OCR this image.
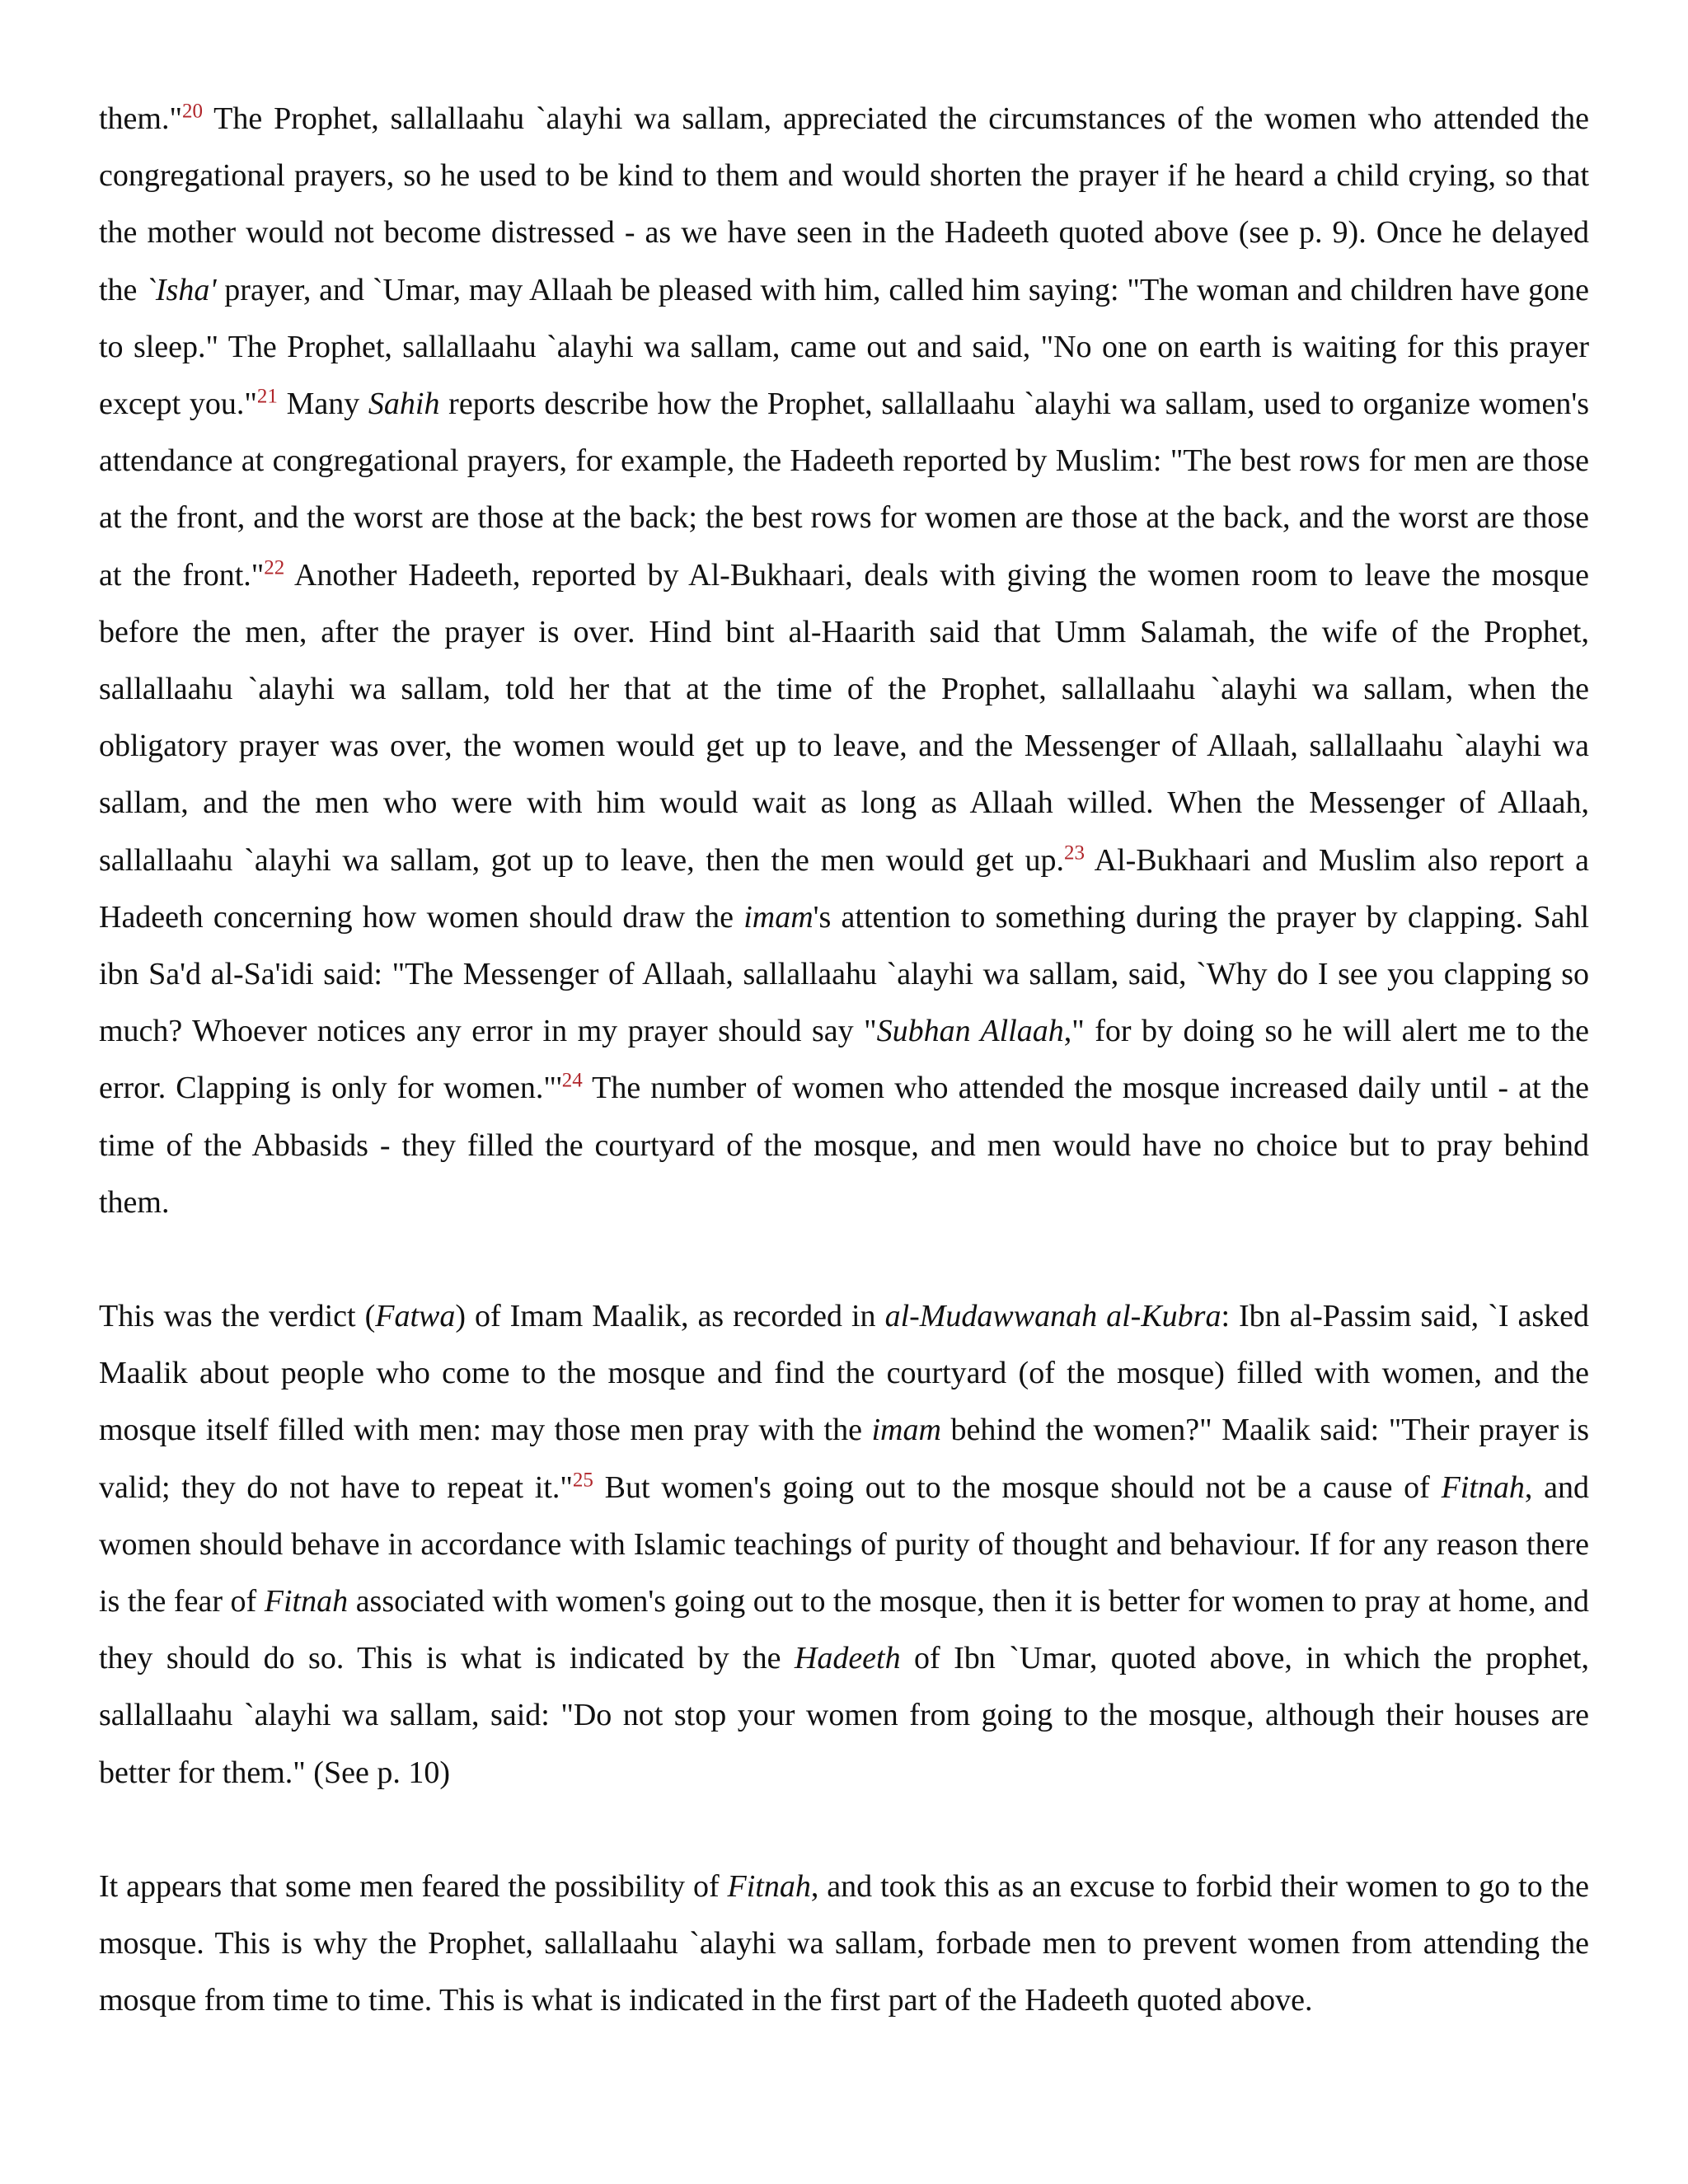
them."$^{20}$ The Prophet, sallallaahu `alayhi wa sallam, appreciated the circumstances of the women who attended the congregational prayers, so he used to be kind to them and would shorten the prayer if he heard a child crying, so that the mother would not become distressed - as we have seen in the Hadeeth quoted above (see p. 9). Once he delayed the `Isha' prayer, and `Umar, may Allaah be pleased with him, called him saying: "The woman and children have gone to sleep." The Prophet, sallallaahu `alayhi wa sallam, came out and said, "No one on earth is waiting for this prayer except you."$^{21}$ Many Sahih reports describe how the Prophet, sallallaahu `alayhi wa sallam, used to organize women's attendance at congregational prayers, for example, the Hadeeth reported by Muslim: "The best rows for men are those at the front, and the worst are those at the back; the best rows for women are those at the back, and the worst are those at the front."$^{22}$ Another Hadeeth, reported by Al-Bukhaari, deals with giving the women room to leave the mosque before the men, after the prayer is over. Hind bint al-Haarith said that Umm Salamah, the wife of the Prophet, sallallaahu `alayhi wa sallam, told her that at the time of the Prophet, sallallaahu `alayhi wa sallam, when the obligatory prayer was over, the women would get up to leave, and the Messenger of Allaah, sallallaahu `alayhi wa sallam, and the men who were with him would wait as long as Allaah willed. When the Messenger of Allaah, sallallaahu `alayhi wa sallam, got up to leave, then the men would get up.$^{23}$ Al-Bukhaari and Muslim also report a Hadeeth concerning how women should draw the imam's attention to something during the prayer by clapping. Sahl ibn Sa'd al-Sa'idi said: "The Messenger of Allaah, sallallaahu `alayhi wa sallam, said, `Why do I see you clapping so much? Whoever notices any error in my prayer should say "Subhan Allaah," for by doing so he will alert me to the error. Clapping is only for women."'$^{24}$ The number of women who attended the mosque increased daily until - at the time of the Abbasids - they filled the courtyard of the mosque, and men would have no choice but to pray behind them.

This was the verdict (Fatwa) of Imam Maalik, as recorded in al-Mudawwanah al-Kubra: Ibn al-Passim said, `I asked Maalik about people who come to the mosque and find the courtyard (of the mosque) filled with women, and the mosque itself filled with men: may those men pray with the imam behind the women?" Maalik said: "Their prayer is valid; they do not have to repeat it."$^{25}$ But women's going out to the mosque should not be a cause of Fitnah, and women should behave in accordance with Islamic teachings of purity of thought and behaviour. If for any reason there is the fear of Fitnah associated with women's going out to the mosque, then it is better for women to pray at home, and they should do so. This is what is indicated by the Hadeeth of Ibn `Umar, quoted above, in which the prophet, sallallaahu `alayhi wa sallam, said: "Do not stop your women from going to the mosque, although their houses are better for them." (See p. 10)

It appears that some men feared the possibility of Fitnah, and took this as an excuse to forbid their women to go to the mosque. This is why the Prophet, sallallaahu `alayhi wa sallam, forbade men to prevent women from attending the mosque from time to time. This is what is indicated in the first part of the Hadeeth quoted above.
